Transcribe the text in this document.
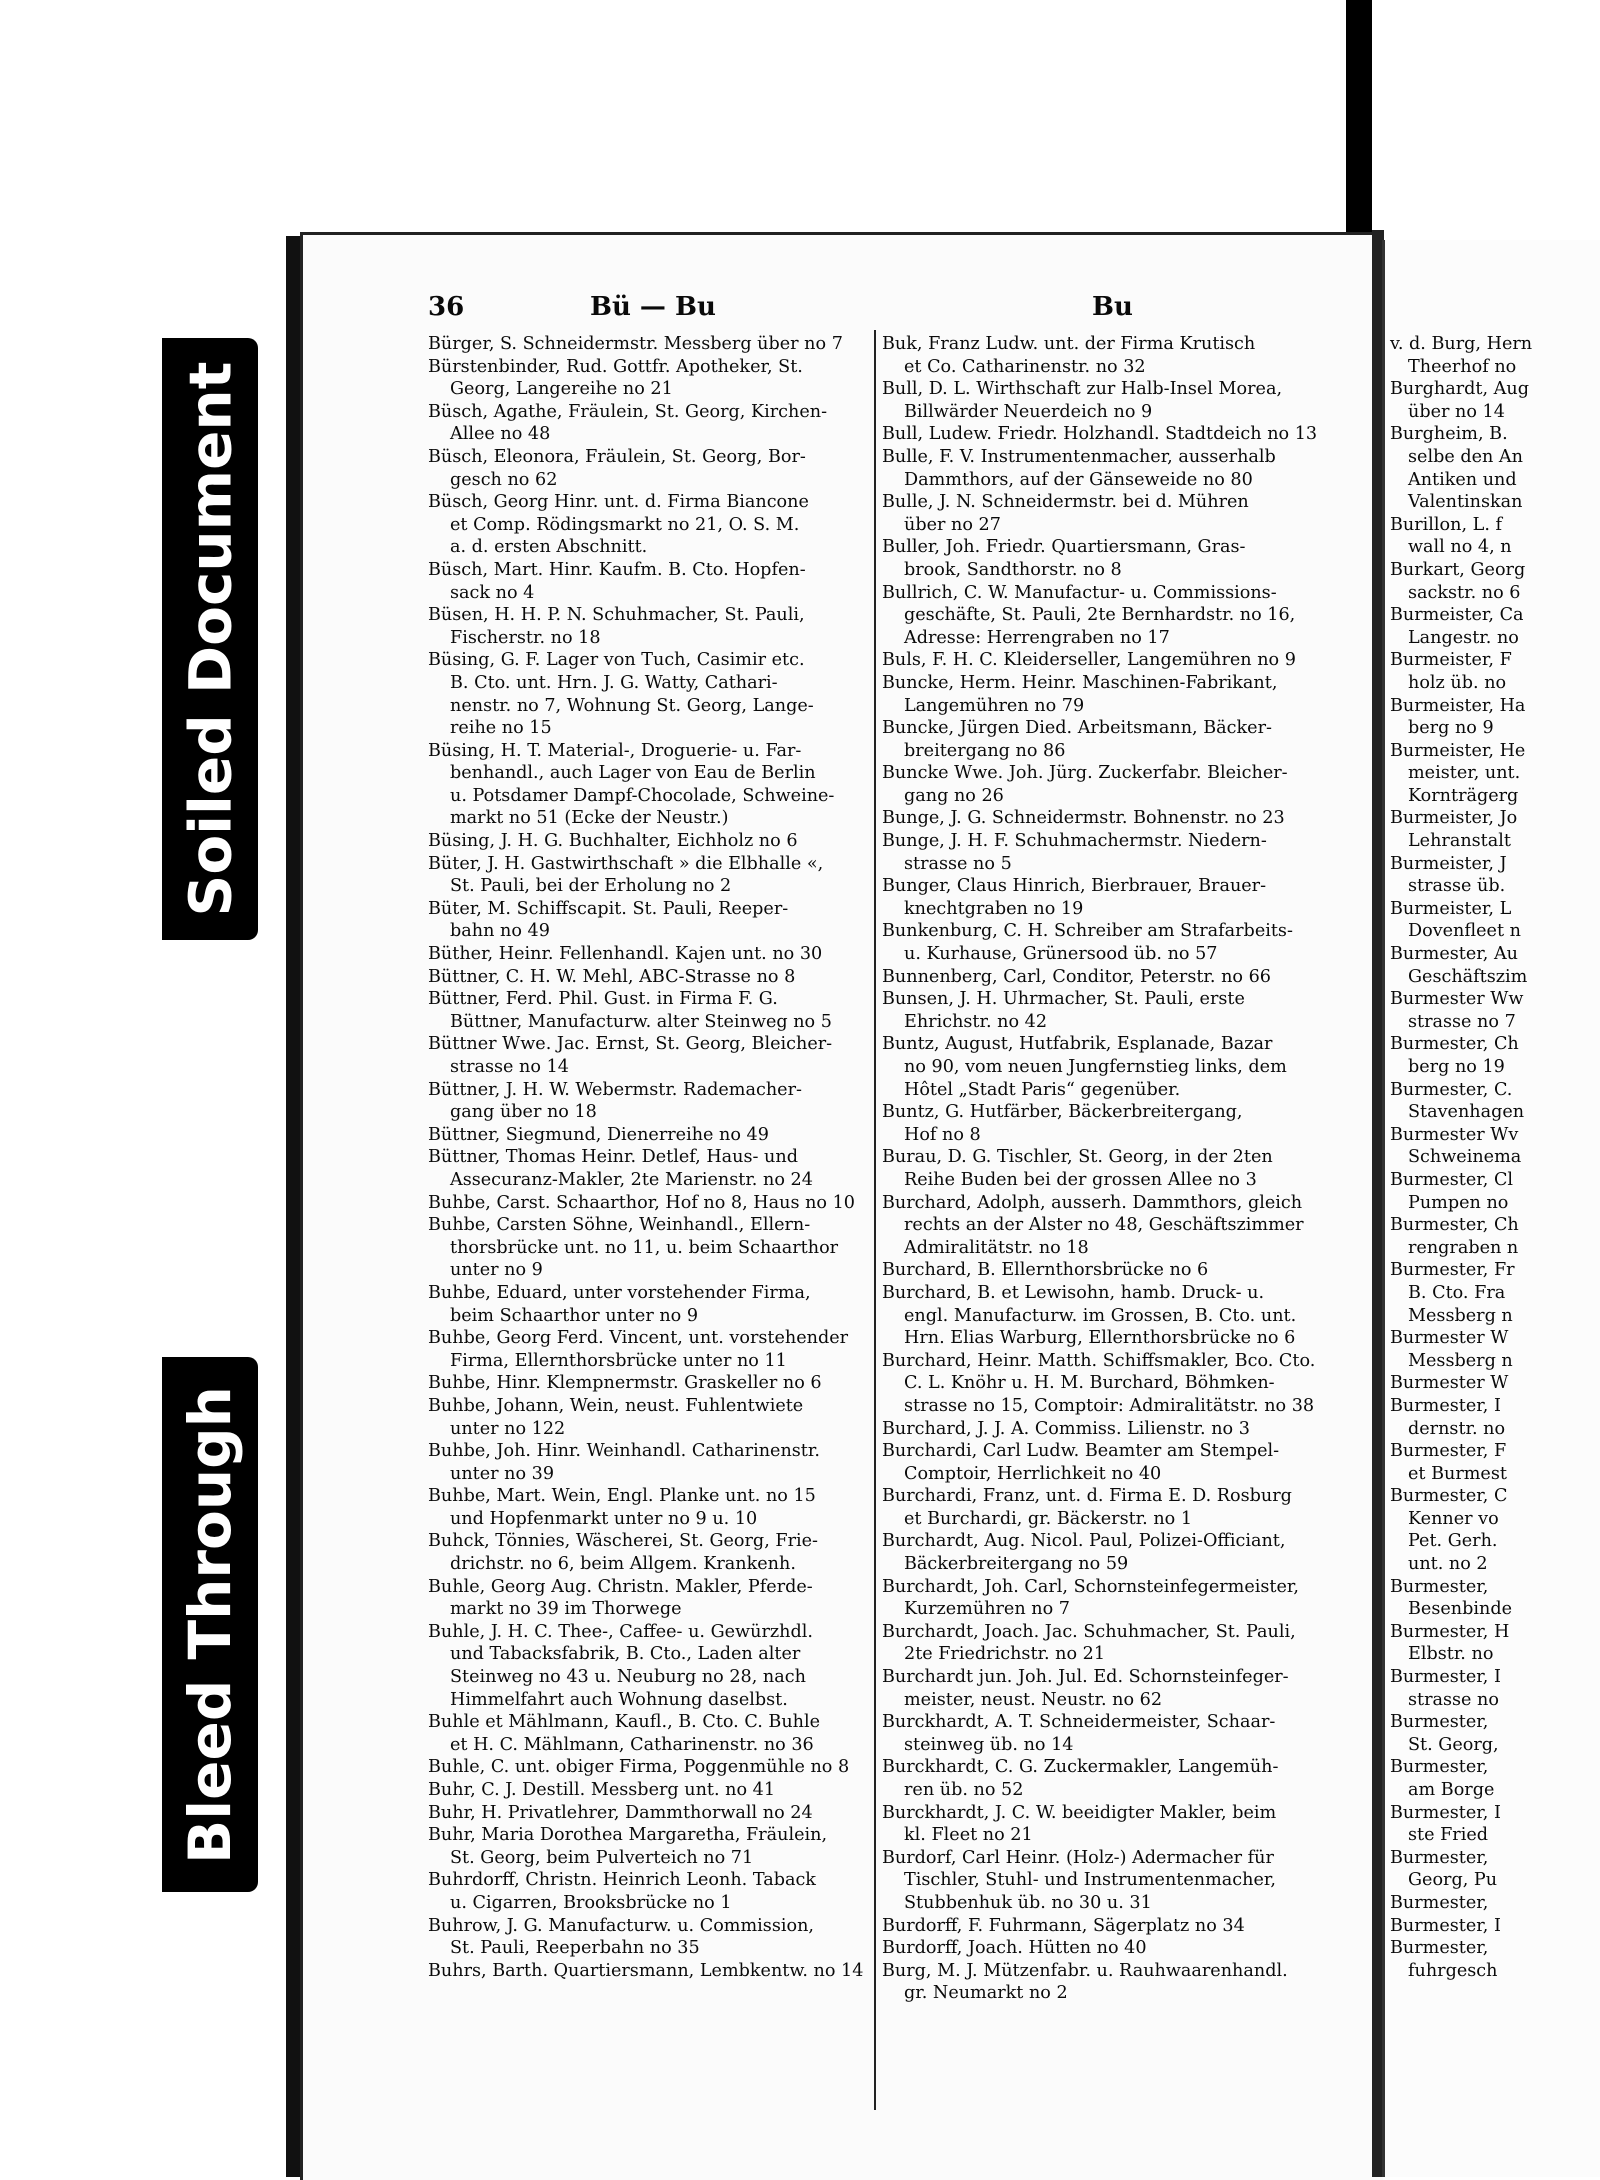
Soiled Document
Bleed Through
36	Bü — Bu	Bu
Bürger, S. Schneidermstr. Messberg über no 7
Bürstenbinder, Rud. Gottfr. Apotheker, St.
Georg, Langereihe no 21
Büsch, Agathe, Fräulein, St. Georg, Kirchen-
Allee no 48
Büsch, Eleonora, Fräulein, St. Georg, Bor-
gesch no 62
Büsch, Georg Hinr. unt. d. Firma Biancone
et Comp. Rödingsmarkt no 21, O. S. M.
a. d. ersten Abschnitt.
Büsch, Mart. Hinr. Kaufm. B. Cto. Hopfen-
sack no 4
Büsen, H. H. P. N. Schuhmacher, St. Pauli,
Fischerstr. no 18
Büsing, G. F. Lager von Tuch, Casimir etc.
B. Cto. unt. Hrn. J. G. Watty, Cathari-
nenstr. no 7, Wohnung St. Georg, Lange-
reihe no 15
Büsing, H. T. Material-, Droguerie- u. Far-
benhandl., auch Lager von Eau de Berlin
u. Potsdamer Dampf-Chocolade, Schweine-
markt no 51 (Ecke der Neustr.)
Büsing, J. H. G. Buchhalter, Eichholz no 6
Büter, J. H. Gastwirthschaft » die Elbhalle «,
St. Pauli, bei der Erholung no 2
Büter, M. Schiffscapit. St. Pauli, Reeper-
bahn no 49
Büther, Heinr. Fellenhandl. Kajen unt. no 30
Büttner, C. H. W. Mehl, ABC-Strasse no 8
Büttner, Ferd. Phil. Gust. in Firma F. G.
Büttner, Manufacturw. alter Steinweg no 5
Büttner Wwe. Jac. Ernst, St. Georg, Bleicher-
strasse no 14
Büttner, J. H. W. Webermstr. Rademacher-
gang über no 18
Büttner, Siegmund, Dienerreihe no 49
Büttner, Thomas Heinr. Detlef, Haus- und
Assecuranz-Makler, 2te Marienstr. no 24
Buhbe, Carst. Schaarthor, Hof no 8, Haus no 10
Buhbe, Carsten Söhne, Weinhandl., Ellern-
thorsbrücke unt. no 11, u. beim Schaarthor
unter no 9
Buhbe, Eduard, unter vorstehender Firma,
beim Schaarthor unter no 9
Buhbe, Georg Ferd. Vincent, unt. vorstehender
Firma, Ellernthorsbrücke unter no 11
Buhbe, Hinr. Klempnermstr. Graskeller no 6
Buhbe, Johann, Wein, neust. Fuhlentwiete
unter no 122
Buhbe, Joh. Hinr. Weinhandl. Catharinenstr.
unter no 39
Buhbe, Mart. Wein, Engl. Planke unt. no 15
und Hopfenmarkt unter no 9 u. 10
Buhck, Tönnies, Wäscherei, St. Georg, Frie-
drichstr. no 6, beim Allgem. Krankenh.
Buhle, Georg Aug. Christn. Makler, Pferde-
markt no 39 im Thorwege
Buhle, J. H. C. Thee-, Caffee- u. Gewürzhdl.
und Tabacksfabrik, B. Cto., Laden alter
Steinweg no 43 u. Neuburg no 28, nach
Himmelfahrt auch Wohnung daselbst.
Buhle et Mählmann, Kaufl., B. Cto. C. Buhle
et H. C. Mählmann, Catharinenstr. no 36
Buhle, C. unt. obiger Firma, Poggenmühle no 8
Buhr, C. J. Destill. Messberg unt. no 41
Buhr, H. Privatlehrer, Dammthorwall no 24
Buhr, Maria Dorothea Margaretha, Fräulein,
St. Georg, beim Pulverteich no 71
Buhrdorff, Christn. Heinrich Leonh. Taback
u. Cigarren, Brooksbrücke no 1
Buhrow, J. G. Manufacturw. u. Commission,
St. Pauli, Reeperbahn no 35
Buhrs, Barth. Quartiersmann, Lembkentw. no 14
Buk, Franz Ludw. unt. der Firma Krutisch
et Co. Catharinenstr. no 32
Bull, D. L. Wirthschaft zur Halb-Insel Morea,
Billwärder Neuerdeich no 9
Bull, Ludew. Friedr. Holzhandl. Stadtdeich no 13
Bulle, F. V. Instrumentenmacher, ausserhalb
Dammthors, auf der Gänseweide no 80
Bulle, J. N. Schneidermstr. bei d. Mühren
über no 27
Buller, Joh. Friedr. Quartiersmann, Gras-
brook, Sandthorstr. no 8
Bullrich, C. W. Manufactur- u. Commissions-
geschäfte, St. Pauli, 2te Bernhardstr. no 16,
Adresse: Herrengraben no 17
Buls, F. H. C. Kleiderseller, Langemühren no 9
Buncke, Herm. Heinr. Maschinen-Fabrikant,
Langemühren no 79
Buncke, Jürgen Died. Arbeitsmann, Bäcker-
breitergang no 86
Buncke Wwe. Joh. Jürg. Zuckerfabr. Bleicher-
gang no 26
Bunge, J. G. Schneidermstr. Bohnenstr. no 23
Bunge, J. H. F. Schuhmachermstr. Niedern-
strasse no 5
Bunger, Claus Hinrich, Bierbrauer, Brauer-
knechtgraben no 19
Bunkenburg, C. H. Schreiber am Strafarbeits-
u. Kurhause, Grünersood üb. no 57
Bunnenberg, Carl, Conditor, Peterstr. no 66
Bunsen, J. H. Uhrmacher, St. Pauli, erste
Ehrichstr. no 42
Buntz, August, Hutfabrik, Esplanade, Bazar
no 90, vom neuen Jungfernstieg links, dem
Hôtel „Stadt Paris“ gegenüber.
Buntz, G. Hutfärber, Bäckerbreitergang,
Hof no 8
Burau, D. G. Tischler, St. Georg, in der 2ten
Reihe Buden bei der grossen Allee no 3
Burchard, Adolph, ausserh. Dammthors, gleich
rechts an der Alster no 48, Geschäftszimmer
Admiralitätstr. no 18
Burchard, B. Ellernthorsbrücke no 6
Burchard, B. et Lewisohn, hamb. Druck- u.
engl. Manufacturw. im Grossen, B. Cto. unt.
Hrn. Elias Warburg, Ellernthorsbrücke no 6
Burchard, Heinr. Matth. Schiffsmakler, Bco. Cto.
C. L. Knöhr u. H. M. Burchard, Böhmken-
strasse no 15, Comptoir: Admiralitätstr. no 38
Burchard, J. J. A. Commiss. Lilienstr. no 3
Burchardi, Carl Ludw. Beamter am Stempel-
Comptoir, Herrlichkeit no 40
Burchardi, Franz, unt. d. Firma E. D. Rosburg
et Burchardi, gr. Bäckerstr. no 1
Burchardt, Aug. Nicol. Paul, Polizei-Officiant,
Bäckerbreitergang no 59
Burchardt, Joh. Carl, Schornsteinfegermeister,
Kurzemühren no 7
Burchardt, Joach. Jac. Schuhmacher, St. Pauli,
2te Friedrichstr. no 21
Burchardt jun. Joh. Jul. Ed. Schornsteinfeger-
meister, neust. Neustr. no 62
Burckhardt, A. T. Schneidermeister, Schaar-
steinweg üb. no 14
Burckhardt, C. G. Zuckermakler, Langemüh-
ren üb. no 52
Burckhardt, J. C. W. beeidigter Makler, beim
kl. Fleet no 21
Burdorf, Carl Heinr. (Holz-) Adermacher für
Tischler, Stuhl- und Instrumentenmacher,
Stubbenhuk üb. no 30 u. 31
Burdorff, F. Fuhrmann, Sägerplatz no 34
Burdorff, Joach. Hütten no 40
Burg, M. J. Mützenfabr. u. Rauhwaarenhandl.
gr. Neumarkt no 2
v. d. Burg, Hern
Theerhof no
Burghardt, Aug
über no 14
Burgheim, B.
selbe den An
Antiken und
Valentinskan
Burillon, L. f
wall no 4, n
Burkart, Georg
sackstr. no 6
Burmeister, Ca
Langestr. no
Burmeister, F
holz üb. no
Burmeister, Ha
berg no 9
Burmeister, He
meister, unt.
Kornträgerg
Burmeister, Jo
Lehranstalt
Burmeister, J
strasse üb.
Burmeister, L
Dovenfleet n
Burmester, Au
Geschäftszim
Burmester Ww
strasse no 7
Burmester, Ch
berg no 19
Burmester, C.
Stavenhagen
Burmester Wv
Schweinema
Burmester, Cl
Pumpen no
Burmester, Ch
rengraben n
Burmester, Fr
B. Cto. Fra
Messberg n
Burmester W
Messberg n
Burmester W
Burmester, I
dernstr. no
Burmester, F
et Burmest
Burmester, C
Kenner vo
Pet. Gerh.
unt. no 2
Burmester,
Besenbinde
Burmester, H
Elbstr. no
Burmester, I
strasse no
Burmester,
St. Georg,
Burmester,
am Borge
Burmester, I
ste Fried
Burmester,
Georg, Pu
Burmester,
Burmester, I
Burmester,
fuhrgesch
